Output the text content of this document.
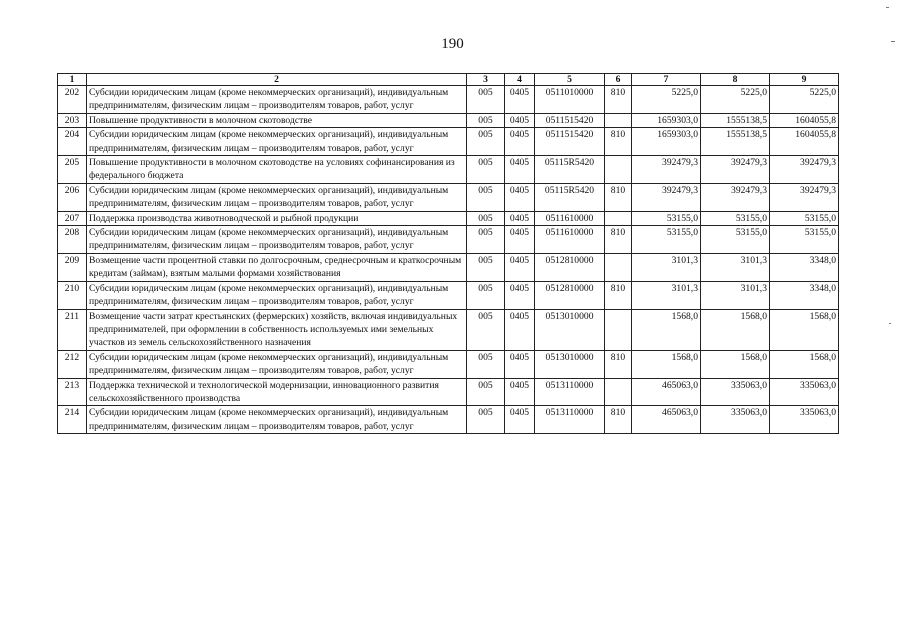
190
1	2	3	4	5	6	7	8	9
202	Субсидии юридическим лицам (кроме некоммерческих организаций), индивидуальным предпринимателям, физическим лицам – производителям товаров, работ, услуг	005	0405	0511010000	810	5225,0	5225,0	5225,0
203	Повышение продуктивности в молочном скотоводстве	005	0405	0511515420		1659303,0	1555138,5	1604055,8
204	Субсидии юридическим лицам (кроме некоммерческих организаций), индивидуальным предпринимателям, физическим лицам – производителям товаров, работ, услуг	005	0405	0511515420	810	1659303,0	1555138,5	1604055,8
205	Повышение продуктивности в молочном скотоводстве на условиях софинансирования из федерального бюджета	005	0405	05115R5420		392479,3	392479,3	392479,3
206	Субсидии юридическим лицам (кроме некоммерческих организаций), индивидуальным предпринимателям, физическим лицам – производителям товаров, работ, услуг	005	0405	05115R5420	810	392479,3	392479,3	392479,3
207	Поддержка производства животноводческой и рыбной продукции	005	0405	0511610000		53155,0	53155,0	53155,0
208	Субсидии юридическим лицам (кроме некоммерческих организаций), индивидуальным предпринимателям, физическим лицам – производителям товаров, работ, услуг	005	0405	0511610000	810	53155,0	53155,0	53155,0
209	Возмещение части процентной ставки по долгосрочным, среднесрочным и краткосрочным кредитам (займам), взятым малыми формами хозяйствования	005	0405	0512810000		3101,3	3101,3	3348,0
210	Субсидии юридическим лицам (кроме некоммерческих организаций), индивидуальным предпринимателям, физическим лицам – производителям товаров, работ, услуг	005	0405	0512810000	810	3101,3	3101,3	3348,0
211	Возмещение части затрат крестьянских (фермерских) хозяйств, включая индивидуальных предпринимателей, при оформлении в собственность используемых ими земельных участков из земель сельскохозяйственного назначения	005	0405	0513010000		1568,0	1568,0	1568,0
212	Субсидии юридическим лицам (кроме некоммерческих организаций), индивидуальным предпринимателям, физическим лицам – производителям товаров, работ, услуг	005	0405	0513010000	810	1568,0	1568,0	1568,0
213	Поддержка технической и технологической модернизации, инновационного развития сельскохозяйственного производства	005	0405	0513110000		465063,0	335063,0	335063,0
214	Субсидии юридическим лицам (кроме некоммерческих организаций), индивидуальным предпринимателям, физическим лицам – производителям товаров, работ, услуг	005	0405	0513110000	810	465063,0	335063,0	335063,0
